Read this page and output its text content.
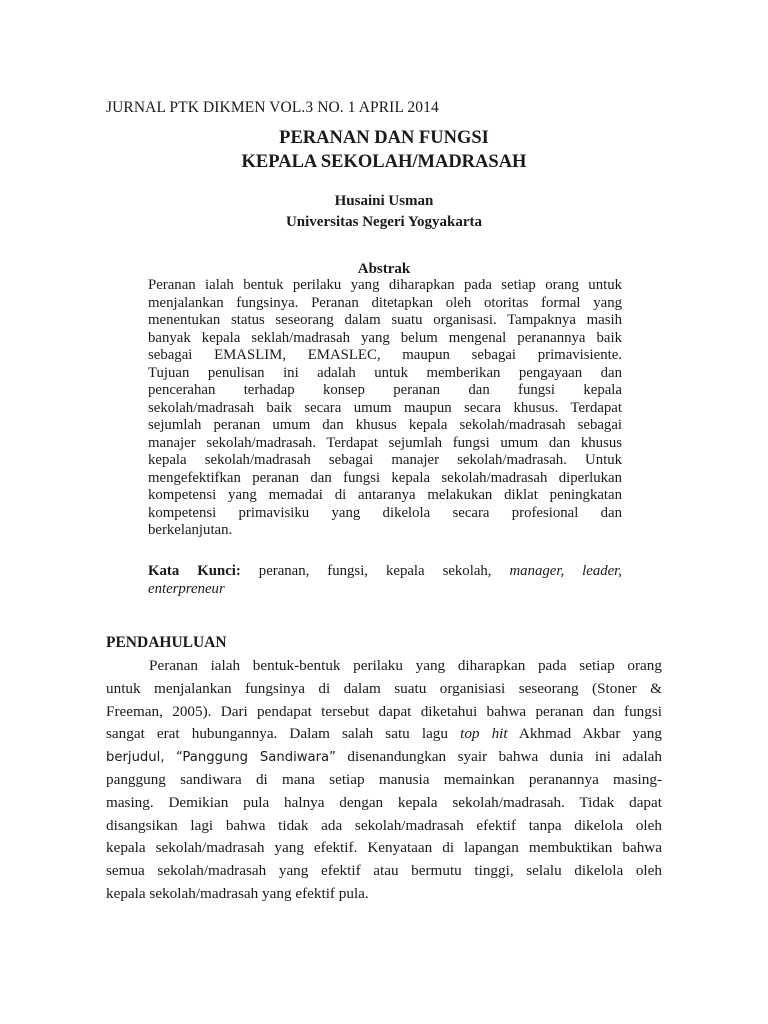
JURNAL PTK DIKMEN VOL.3 NO. 1 APRIL 2014
PERANAN DAN FUNGSI
KEPALA SEKOLAH/MADRASAH
Husaini Usman
Universitas Negeri Yogyakarta
Abstrak
Peranan ialah bentuk perilaku yang diharapkan pada setiap orang untuk
menjalankan fungsinya. Peranan ditetapkan oleh otoritas formal yang
menentukan status seseorang dalam suatu organisasi. Tampaknya masih
banyak kepala seklah/madrasah yang belum mengenal peranannya baik
sebagai EMASLIM, EMASLEC, maupun sebagai primavisiente.
Tujuan penulisan ini adalah untuk memberikan pengayaan dan
pencerahan terhadap konsep peranan dan fungsi kepala
sekolah/madrasah baik secara umum maupun secara khusus. Terdapat
sejumlah peranan umum dan khusus kepala sekolah/madrasah sebagai
manajer sekolah/madrasah. Terdapat sejumlah fungsi umum dan khusus
kepala sekolah/madrasah sebagai manajer sekolah/madrasah. Untuk
mengefektifkan peranan dan fungsi kepala sekolah/madrasah diperlukan
kompetensi yang memadai di antaranya melakukan diklat peningkatan
kompetensi primavisiku yang dikelola secara profesional dan
berkelanjutan.
Kata Kunci: peranan, fungsi, kepala sekolah, manager, leader,
enterpreneur
PENDAHULUAN
Peranan ialah bentuk-bentuk perilaku yang diharapkan pada setiap orang
untuk menjalankan fungsinya di dalam suatu organisiasi seseorang (Stoner &
Freeman, 2005). Dari pendapat tersebut dapat diketahui bahwa peranan dan fungsi
sangat erat hubungannya. Dalam salah satu lagu top hit Akhmad Akbar yang
berjudul, “Panggung Sandiwara” disenandungkan syair bahwa dunia ini adalah
panggung sandiwara di mana setiap manusia memainkan peranannya masing-
masing. Demikian pula halnya dengan kepala sekolah/madrasah. Tidak dapat
disangsikan lagi bahwa tidak ada sekolah/madrasah efektif tanpa dikelola oleh
kepala sekolah/madrasah yang efektif. Kenyataan di lapangan membuktikan bahwa
semua sekolah/madrasah yang efektif atau bermutu tinggi, selalu dikelola oleh
kepala sekolah/madrasah yang efektif pula.
